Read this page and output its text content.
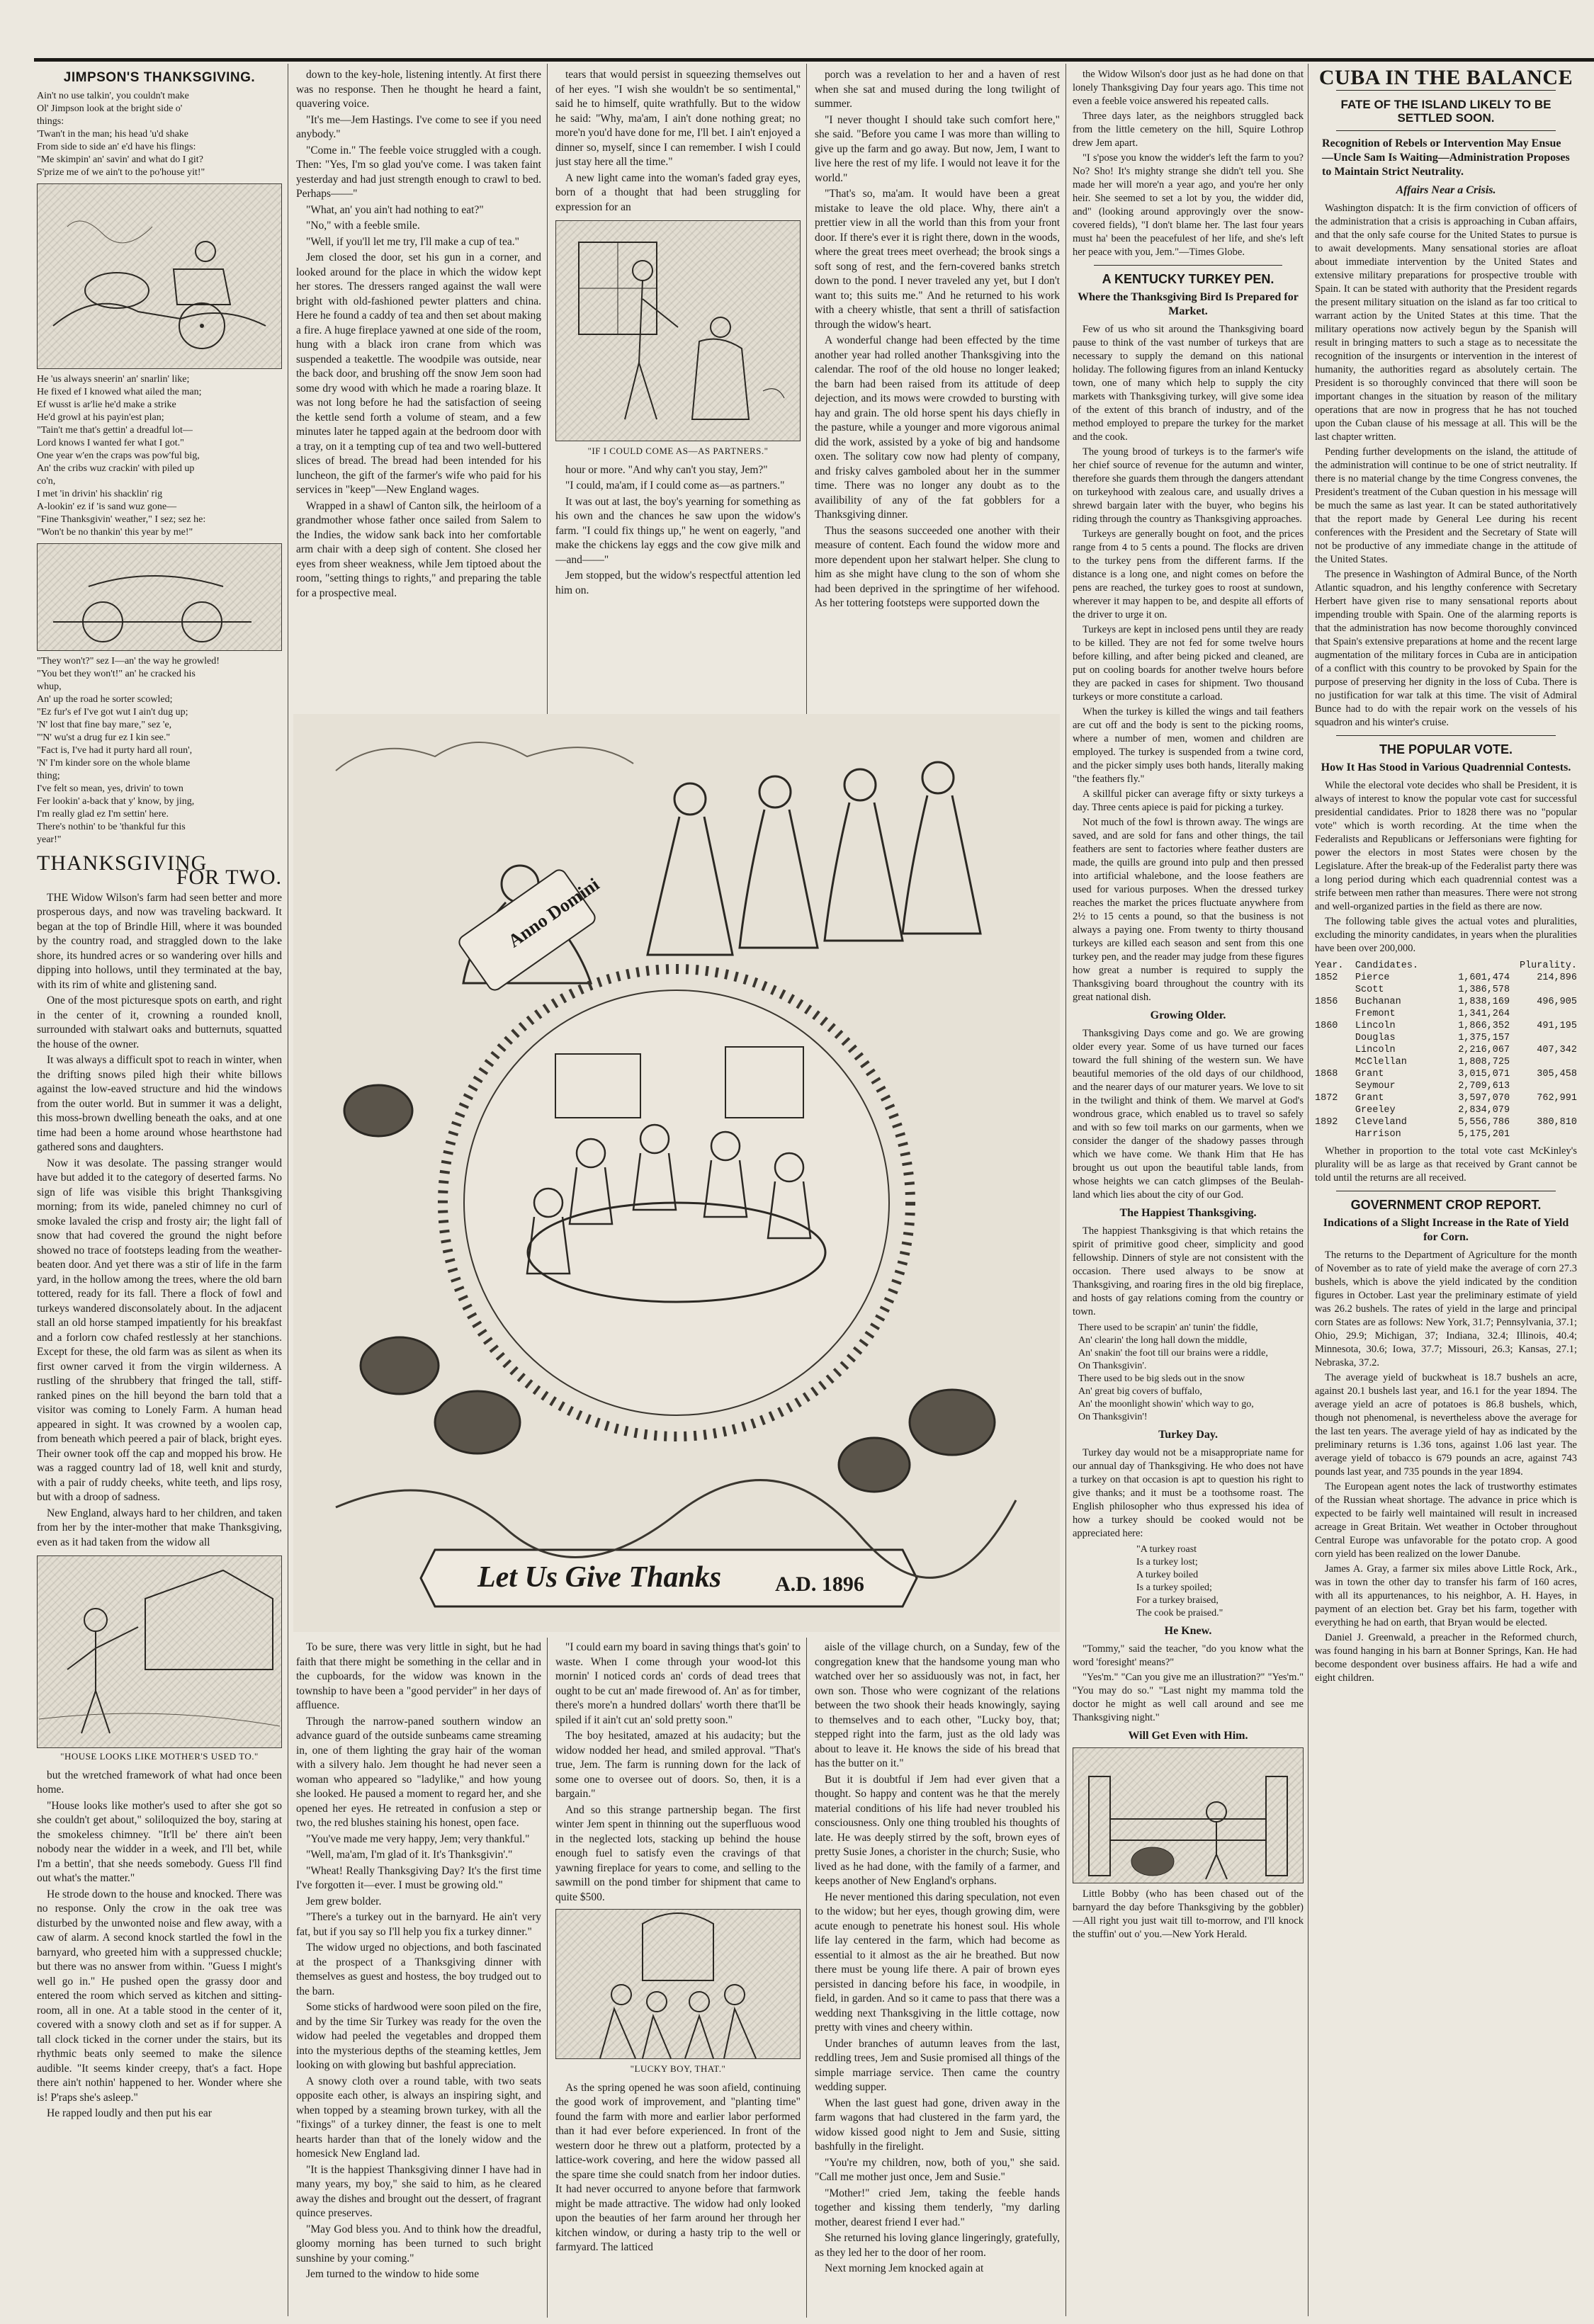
JIMPSON'S THANKSGIVING.

Ain't no use talkin', you couldn't make

Ol' Jimpson look at the bright side o'

things:

'Twan't in the man; his head 'u'd shake

From side to side an' e'd have his flings:

"Me skimpin' an' savin' and what do I git?

S'prize me of we ain't to the po'house yit!"

He 'us always sneerin' an' snarlin' like;

He fixed ef I knowed what ailed the man;

Ef wusst is ar'lie he'd make a strike

He'd growl at his payin'est plan;

"Tain't me that's gettin' a dreadful lot—

Lord knows I wanted fer what I got."

One year w'en the craps was pow'ful big,

An' the cribs wuz crackin' with piled up

co'n,

I met 'in drivin' his shacklin' rig

A-lookin' ez if 'is sand wuz gone—

"Fine Thanksgivin' weather," I sez; sez he:

"Won't be no thankin' this year by me!"

"They won't?" sez I—an' the way he growled!

"You bet they won't!" an' he cracked his

whup,

An' up the road he sorter scowled;

"Ez fur's ef I've got wut I ain't dug up;

'N' lost that fine bay mare," sez 'e,

"'N' wu'st a drug fur ez I kin see."

"Fact is, I've had it purty hard all roun',

'N' I'm kinder sore on the whole blame

thing;

I've felt so mean, yes, drivin' to town

Fer lookin' a-back that y' know, by jing,

I'm really glad ez I'm settin' here.

There's nothin' to be 'thankful fur this

year!"

THANKSGIVING
FOR TWO.

THE Widow Wilson's farm had seen better and more prosperous days, and now was traveling backward. It began at the top of Brindle Hill, where it was bounded by the country road, and straggled down to the lake shore, its hundred acres or so wandering over hills and dipping into hollows, until they terminated at the bay, with its rim of white and glistening sand.

One of the most picturesque spots on earth, and right in the center of it, crowning a rounded knoll, surrounded with stalwart oaks and butternuts, squatted the house of the owner.

It was always a difficult spot to reach in winter, when the drifting snows piled high their white billows against the low-eaved structure and hid the windows from the outer world. But in summer it was a delight, this moss-brown dwelling beneath the oaks, and at one time had been a home around whose hearthstone had gathered sons and daughters.

Now it was desolate. The passing stranger would have but added it to the category of deserted farms. No sign of life was visible this bright Thanksgiving morning; from its wide, paneled chimney no curl of smoke lavaled the crisp and frosty air; the light fall of snow that had covered the ground the night before showed no trace of footsteps leading from the weather-beaten door. And yet there was a stir of life in the farm yard, in the hollow among the trees, where the old barn tottered, ready for its fall. There a flock of fowl and turkeys wandered disconsolately about. In the adjacent stall an old horse stamped impatiently for his breakfast and a forlorn cow chafed restlessly at her stanchions. Except for these, the old farm was as silent as when its first owner carved it from the virgin wilderness. A rustling of the shrubbery that fringed the tall, stiff-ranked pines on the hill beyond the barn told that a visitor was coming to Lonely Farm. A human head appeared in sight. It was crowned by a woolen cap, from beneath which peered a pair of black, bright eyes. Their owner took off the cap and mopped his brow. He was a ragged country lad of 18, well knit and sturdy, with a pair of ruddy cheeks, white teeth, and lips rosy, but with a droop of sadness.

New England, always hard to her children, and taken from her by the inter-mother that make Thanksgiving, even as it had taken from the widow all

"HOUSE LOOKS LIKE MOTHER'S USED TO."

but the wretched framework of what had once been home.

"House looks like mother's used to after she got so she couldn't get about," soliloquized the boy, staring at the smokeless chimney. "It'll be' there ain't been nobody near the widder in a week, and I'll bet, while I'm a bettin', that she needs somebody. Guess I'll find out what's the matter."

He strode down to the house and knocked. There was no response. Only the crow in the oak tree was disturbed by the unwonted noise and flew away, with a caw of alarm. A second knock startled the fowl in the barnyard, who greeted him with a suppressed chuckle; but there was no answer from within. "Guess I might's well go in." He pushed open the grassy door and entered the room which served as kitchen and sitting-room, all in one. At a table stood in the center of it, covered with a snowy cloth and set as if for supper. A tall clock ticked in the corner under the stairs, but its rhythmic beats only seemed to make the silence audible. "It seems kinder creepy, that's a fact. Hope there ain't nothin' happened to her. Wonder where she is! P'raps she's asleep."

He rapped loudly and then put his ear

down to the key-hole, listening intently. At first there was no response. Then he thought he heard a faint, quavering voice.

"It's me—Jem Hastings. I've come to see if you need anybody."

"Come in." The feeble voice struggled with a cough. Then: "Yes, I'm so glad you've come. I was taken faint yesterday and had just strength enough to crawl to bed. Perhaps——"

"What, an' you ain't had nothing to eat?"

"No," with a feeble smile.

"Well, if you'll let me try, I'll make a cup of tea."

Jem closed the door, set his gun in a corner, and looked around for the place in which the widow kept her stores. The dressers ranged against the wall were bright with old-fashioned pewter platters and china. Here he found a caddy of tea and then set about making a fire. A huge fireplace yawned at one side of the room, hung with a black iron crane from which was suspended a teakettle. The woodpile was outside, near the back door, and brushing off the snow Jem soon had some dry wood with which he made a roaring blaze. It was not long before he had the satisfaction of seeing the kettle send forth a volume of steam, and a few minutes later he tapped again at the bedroom door with a tray, on it a tempting cup of tea and two well-buttered slices of bread. The bread had been intended for his luncheon, the gift of the farmer's wife who paid for his services in "keep"—New England wages.

Wrapped in a shawl of Canton silk, the heirloom of a grandmother whose father once sailed from Salem to the Indies, the widow sank back into her comfortable arm chair with a deep sigh of content. She closed her eyes from sheer weakness, while Jem tiptoed about the room, "setting things to rights," and preparing the table for a prospective meal.

tears that would persist in squeezing themselves out of her eyes. "I wish she wouldn't be so sentimental," said he to himself, quite wrathfully. But to the widow he said: "Why, ma'am, I ain't done nothing great; no more'n you'd have done for me, I'll bet. I ain't enjoyed a dinner so, myself, since I can remember. I wish I could just stay here all the time."

A new light came into the woman's faded gray eyes, born of a thought that had been struggling for expression for an

"IF I COULD COME AS—AS PARTNERS."

hour or more. "And why can't you stay, Jem?"

"I could, ma'am, if I could come as—as partners."

It was out at last, the boy's yearning for something as his own and the chances he saw upon the widow's farm. "I could fix things up," he went on eagerly, "and make the chickens lay eggs and the cow give milk and—and——"

Jem stopped, but the widow's respectful attention led him on.

porch was a revelation to her and a haven of rest when she sat and mused during the long twilight of summer.

"I never thought I should take such comfort here," she said. "Before you came I was more than willing to give up the farm and go away. But now, Jem, I want to live here the rest of my life. I would not leave it for the world."

"That's so, ma'am. It would have been a great mistake to leave the old place. Why, there ain't a prettier view in all the world than this from your front door. If there's ever it is right there, down in the woods, where the great trees meet overhead; the brook sings a soft song of rest, and the fern-covered banks stretch down to the pond. I never traveled any yet, but I don't want to; this suits me." And he returned to his work with a cheery whistle, that sent a thrill of satisfaction through the widow's heart.

A wonderful change had been effected by the time another year had rolled another Thanksgiving into the calendar. The roof of the old house no longer leaked; the barn had been raised from its attitude of deep dejection, and its mows were crowded to bursting with hay and grain. The old horse spent his days chiefly in the pasture, while a younger and more vigorous animal did the work, assisted by a yoke of big and handsome oxen. The solitary cow now had plenty of company, and frisky calves gamboled about her in the summer time. There was no longer any doubt as to the availibility of any of the fat gobblers for a Thanksgiving dinner.

Thus the seasons succeeded one another with their measure of content. Each found the widow more and more dependent upon her stalwart helper. She clung to him as she might have clung to the son of whom she had been deprived in the springtime of her wifehood. As her tottering footsteps were supported down the

Anno Domini
Let Us Give Thanks	A.D. 1896

To be sure, there was very little in sight, but he had faith that there might be something in the cellar and in the cupboards, for the widow was known in the township to have been a "good pervider" in her days of affluence.

Through the narrow-paned southern window an advance guard of the outside sunbeams came streaming in, one of them lighting the gray hair of the woman with a silvery halo. Jem thought he had never seen a woman who appeared so "ladylike," and how young she looked. He paused a moment to regard her, and she opened her eyes. He retreated in confusion a step or two, the red blushes staining his honest, open face.

"You've made me very happy, Jem; very thankful."

"Well, ma'am, I'm glad of it. It's Thanksgivin'."

"Wheat! Really Thanksgiving Day? It's the first time I've forgotten it—ever. I must be growing old."

Jem grew bolder.

"There's a turkey out in the barnyard. He ain't very fat, but if you say so I'll help you fix a turkey dinner."

The widow urged no objections, and both fascinated at the prospect of a Thanksgiving dinner with themselves as guest and hostess, the boy trudged out to the barn.

Some sticks of hardwood were soon piled on the fire, and by the time Sir Turkey was ready for the oven the widow had peeled the vegetables and dropped them into the mysterious depths of the steaming kettles, Jem looking on with glowing but bashful appreciation.

A snowy cloth over a round table, with two seats opposite each other, is always an inspiring sight, and when topped by a steaming brown turkey, with all the "fixings" of a turkey dinner, the feast is one to melt hearts harder than that of the lonely widow and the homesick New England lad.

"It is the happiest Thanksgiving dinner I have had in many years, my boy," she said to him, as he cleared away the dishes and brought out the dessert, of fragrant quince preserves.

"May God bless you. And to think how the dreadful, gloomy morning has been turned to such bright sunshine by your coming."

Jem turned to the window to hide some

"I could earn my board in saving things that's goin' to waste. When I come through your wood-lot this mornin' I noticed cords an' cords of dead trees that ought to be cut an' made firewood of. An' as for timber, there's more'n a hundred dollars' worth there that'll be spiled if it ain't cut an' sold pretty soon."

The boy hesitated, amazed at his audacity; but the widow nodded her head, and smiled approval. "That's true, Jem. The farm is running down for the lack of some one to oversee out of doors. So, then, it is a bargain."

And so this strange partnership began. The first winter Jem spent in thinning out the superfluous wood in the neglected lots, stacking up behind the house enough fuel to satisfy even the cravings of that yawning fireplace for years to come, and selling to the sawmill on the pond timber for shipment that came to quite $500.

"LUCKY BOY, THAT."

As the spring opened he was soon afield, continuing the good work of improvement, and "planting time" found the farm with more and earlier labor performed than it had ever before experienced. In front of the western door he threw out a platform, protected by a lattice-work covering, and here the widow passed all the spare time she could snatch from her indoor duties. It had never occurred to anyone before that farmwork might be made attractive. The widow had only looked upon the beauties of her farm around her through her kitchen window, or during a hasty trip to the well or farmyard. The latticed

aisle of the village church, on a Sunday, few of the congregation knew that the handsome young man who watched over her so assiduously was not, in fact, her own son. Those who were cognizant of the relations between the two shook their heads knowingly, saying to themselves and to each other, "Lucky boy, that; stepped right into the farm, just as the old lady was about to leave it. He knows the side of his bread that has the butter on it."

But it is doubtful if Jem had ever given that a thought. So happy and content was he that the merely material conditions of his life had never troubled his consciousness. Only one thing troubled his thoughts of late. He was deeply stirred by the soft, brown eyes of pretty Susie Jones, a chorister in the church; Susie, who lived as he had done, with the family of a farmer, and keeps another of New England's orphans.

He never mentioned this daring speculation, not even to the widow; but her eyes, though growing dim, were acute enough to penetrate his honest soul. His whole life lay centered in the farm, which had become as essential to it almost as the air he breathed. But now there must be young life there. A pair of brown eyes persisted in dancing before his face, in woodpile, in field, in garden. And so it came to pass that there was a wedding next Thanksgiving in the little cottage, now pretty with vines and cheery within.

Under branches of autumn leaves from the last, reddling trees, Jem and Susie promised all things of the simple marriage service. Then came the country wedding supper.

When the last guest had gone, driven away in the farm wagons that had clustered in the farm yard, the widow kissed good night to Jem and Susie, sitting bashfully in the firelight.

"You're my children, now, both of you," she said. "Call me mother just once, Jem and Susie."

"Mother!" cried Jem, taking the feeble hands together and kissing them tenderly, "my darling mother, dearest friend I ever had."

She returned his loving glance lingeringly, gratefully, as they led her to the door of her room.

Next morning Jem knocked again at

the Widow Wilson's door just as he had done on that lonely Thanksgiving Day four years ago. This time not even a feeble voice answered his repeated calls.

Three days later, as the neighbors struggled back from the little cemetery on the hill, Squire Lothrop drew Jem apart.

"I s'pose you know the widder's left the farm to you? No? Sho! It's mighty strange she didn't tell you. She made her will more'n a year ago, and you're her only heir. She seemed to set a lot by you, the widder did, and" (looking around approvingly over the snow-covered fields), "I don't blame her. The last four years must ha' been the peacefulest of her life, and she's left her peace with you, Jem."—Times Globe.

A KENTUCKY TURKEY PEN.
Where the Thanksgiving Bird Is Prepared for Market.

Few of us who sit around the Thanksgiving board pause to think of the vast number of turkeys that are necessary to supply the demand on this national holiday. The following figures from an inland Kentucky town, one of many which help to supply the city markets with Thanksgiving turkey, will give some idea of the extent of this branch of industry, and of the method employed to prepare the turkey for the market and the cook.

The young brood of turkeys is to the farmer's wife her chief source of revenue for the autumn and winter, therefore she guards them through the dangers attendant on turkeyhood with zealous care, and usually drives a shrewd bargain later with the buyer, who begins his riding through the country as Thanksgiving approaches.

Turkeys are generally bought on foot, and the prices range from 4 to 5 cents a pound. The flocks are driven to the turkey pens from the different farms. If the distance is a long one, and night comes on before the pens are reached, the turkey goes to roost at sundown, wherever it may happen to be, and despite all efforts of the driver to urge it on.

Turkeys are kept in inclosed pens until they are ready to be killed. They are not fed for some twelve hours before killing, and after being picked and cleaned, are put on cooling boards for another twelve hours before they are packed in cases for shipment. Two thousand turkeys or more constitute a carload.

When the turkey is killed the wings and tail feathers are cut off and the body is sent to the picking rooms, where a number of men, women and children are employed. The turkey is suspended from a twine cord, and the picker simply uses both hands, literally making "the feathers fly."

A skillful picker can average fifty or sixty turkeys a day. Three cents apiece is paid for picking a turkey.

Not much of the fowl is thrown away. The wings are saved, and are sold for fans and other things, the tail feathers are sent to factories where feather dusters are made, the quills are ground into pulp and then pressed into artificial whalebone, and the loose feathers are used for various purposes. When the dressed turkey reaches the market the prices fluctuate anywhere from 2½ to 15 cents a pound, so that the business is not always a paying one. From twenty to thirty thousand turkeys are killed each season and sent from this one turkey pen, and the reader may judge from these figures how great a number is required to supply the Thanksgiving board throughout the country with its great national dish.

Growing Older.

Thanksgiving Days come and go. We are growing older every year. Some of us have turned our faces toward the full shining of the western sun. We have beautiful memories of the old days of our childhood, and the nearer days of our maturer years. We love to sit in the twilight and think of them. We marvel at God's wondrous grace, which enabled us to travel so safely and with so few toil marks on our garments, when we consider the danger of the shadowy passes through which we have come. We thank Him that He has brought us out upon the beautiful table lands, from whose heights we can catch glimpses of the Beulah-land which lies about the city of our God.

The Happiest Thanksgiving.

The happiest Thanksgiving is that which retains the spirit of primitive good cheer, simplicity and good fellowship. Dinners of style are not consistent with the occasion. There used always to be snow at Thanksgiving, and roaring fires in the old big fireplace, and hosts of gay relations coming from the country or town.

There used to be scrapin' an' tunin' the fiddle,

An' clearin' the long hall down the middle,

An' snakin' the foot till our brains were a riddle,

On Thanksgivin'.

There used to be big sleds out in the snow

An' great big covers of buffalo,

An' the moonlight showin' which way to go,

On Thanksgivin'!

Turkey Day.

Turkey day would not be a misappropriate name for our annual day of Thanksgiving. He who does not have a turkey on that occasion is apt to question his right to give thanks; and it must be a toothsome roast. The English philosopher who thus expressed his idea of how a turkey should be cooked would not be appreciated here:

"A turkey roast

Is a turkey lost;

A turkey boiled

Is a turkey spoiled;

For a turkey braised,

The cook be praised."

He Knew.

"Tommy," said the teacher, "do you know what the word 'foresight' means?"

"Yes'm." "Can you give me an illustration?" "Yes'm." "You may do so." "Last night my mamma told the doctor he might as well call around and see me Thanksgiving night."

Will Get Even with Him.

Little Bobby (who has been chased out of the barnyard the day before Thanksgiving by the gobbler)—All right you just wait till to-morrow, and I'll knock the stuffin' out o' you.—New York Herald.

CUBA IN THE BALANCE
FATE OF THE ISLAND LIKELY TO BE SETTLED SOON.
Recognition of Rebels or Intervention May Ensue—Uncle Sam Is Waiting—Administration Proposes to Maintain Strict Neutrality.
Affairs Near a Crisis.

Washington dispatch: It is the firm conviction of officers of the administration that a crisis is approaching in Cuban affairs, and that the only safe course for the United States to pursue is to await developments. Many sensational stories are afloat about immediate intervention by the United States and extensive military preparations for prospective trouble with Spain. It can be stated with authority that the President regards the present military situation on the island as far too critical to warrant action by the United States at this time. That the military operations now actively begun by the Spanish will result in bringing matters to such a stage as to necessitate the recognition of the insurgents or intervention in the interest of humanity, the authorities regard as absolutely certain. The President is so thoroughly convinced that there will soon be important changes in the situation by reason of the military operations that are now in progress that he has not touched upon the Cuban clause of his message at all. This will be the last chapter written.

Pending further developments on the island, the attitude of the administration will continue to be one of strict neutrality. If there is no material change by the time Congress convenes, the President's treatment of the Cuban question in his message will be much the same as last year. It can be stated authoritatively that the report made by General Lee during his recent conferences with the President and the Secretary of State will not be productive of any immediate change in the attitude of the United States.

The presence in Washington of Admiral Bunce, of the North Atlantic squadron, and his lengthy conference with Secretary Herbert have given rise to many sensational reports about impending trouble with Spain. One of the alarming reports is that the administration has now become thoroughly convinced that Spain's extensive preparations at home and the recent large augmentation of the military forces in Cuba are in anticipation of a conflict with this country to be provoked by Spain for the purpose of preserving her dignity in the loss of Cuba. There is no justification for war talk at this time. The visit of Admiral Bunce had to do with the repair work on the vessels of his squadron and his winter's cruise.

THE POPULAR VOTE.
How It Has Stood in Various Quadrennial Contests.

While the electoral vote decides who shall be President, it is always of interest to know the popular vote cast for successful presidential candidates. Prior to 1828 there was no "popular vote" which is worth recording. At the time when the Federalists and Republicans or Jeffersonians were fighting for power the electors in most States were chosen by the Legislature. After the break-up of the Federalist party there was a long period during which each quadrennial contest was a strife between men rather than measures. There were not strong and well-organized parties in the field as there are now.

The following table gives the actual votes and pluralities, excluding the minority candidates, in years when the pluralities have been over 200,000.

Year.	Candidates.	Plurality.
1852	Pierce	1,601,474	214,896
Scott	1,386,578
1856	Buchanan	1,838,169	496,905
Fremont	1,341,264
1860	Lincoln	1,866,352	491,195
Douglas	1,375,157
Lincoln	2,216,067	407,342
McClellan	1,808,725
1868	Grant	3,015,071	305,458
Seymour	2,709,613
1872	Grant	3,597,070	762,991
Greeley	2,834,079
1892	Cleveland	5,556,786	380,810
Harrison	5,175,201

Whether in proportion to the total vote cast McKinley's plurality will be as large as that received by Grant cannot be told until the returns are all received.

GOVERNMENT CROP REPORT.
Indications of a Slight Increase in the Rate of Yield for Corn.

The returns to the Department of Agriculture for the month of November as to rate of yield make the average of corn 27.3 bushels, which is above the yield indicated by the condition figures in October. Last year the preliminary estimate of yield was 26.2 bushels. The rates of yield in the large and principal corn States are as follows: New York, 31.7; Pennsylvania, 37.1; Ohio, 29.9; Michigan, 37; Indiana, 32.4; Illinois, 40.4; Minnesota, 30.6; Iowa, 37.7; Missouri, 26.3; Kansas, 27.1; Nebraska, 37.2.

The average yield of buckwheat is 18.7 bushels an acre, against 20.1 bushels last year, and 16.1 for the year 1894. The average yield an acre of potatoes is 86.8 bushels, which, though not phenomenal, is nevertheless above the average for the last ten years. The average yield of hay as indicated by the preliminary returns is 1.36 tons, against 1.06 last year. The average yield of tobacco is 679 pounds an acre, against 743 pounds last year, and 735 pounds in the year 1894.

The European agent notes the lack of trustworthy estimates of the Russian wheat shortage. The advance in price which is expected to be fairly well maintained will result in increased acreage in Great Britain. Wet weather in October throughout Central Europe was unfavorable for the potato crop. A good corn yield has been realized on the lower Danube.

James A. Gray, a farmer six miles above Little Rock, Ark., was in town the other day to transfer his farm of 160 acres, with all its appurtenances, to his neighbor, A. H. Hayes, in payment of an election bet. Gray bet his farm, together with everything he had on earth, that Bryan would be elected.

Daniel J. Greenwald, a preacher in the Reformed church, was found hanging in his barn at Bonner Springs, Kan. He had become despondent over business affairs. He had a wife and eight children.
